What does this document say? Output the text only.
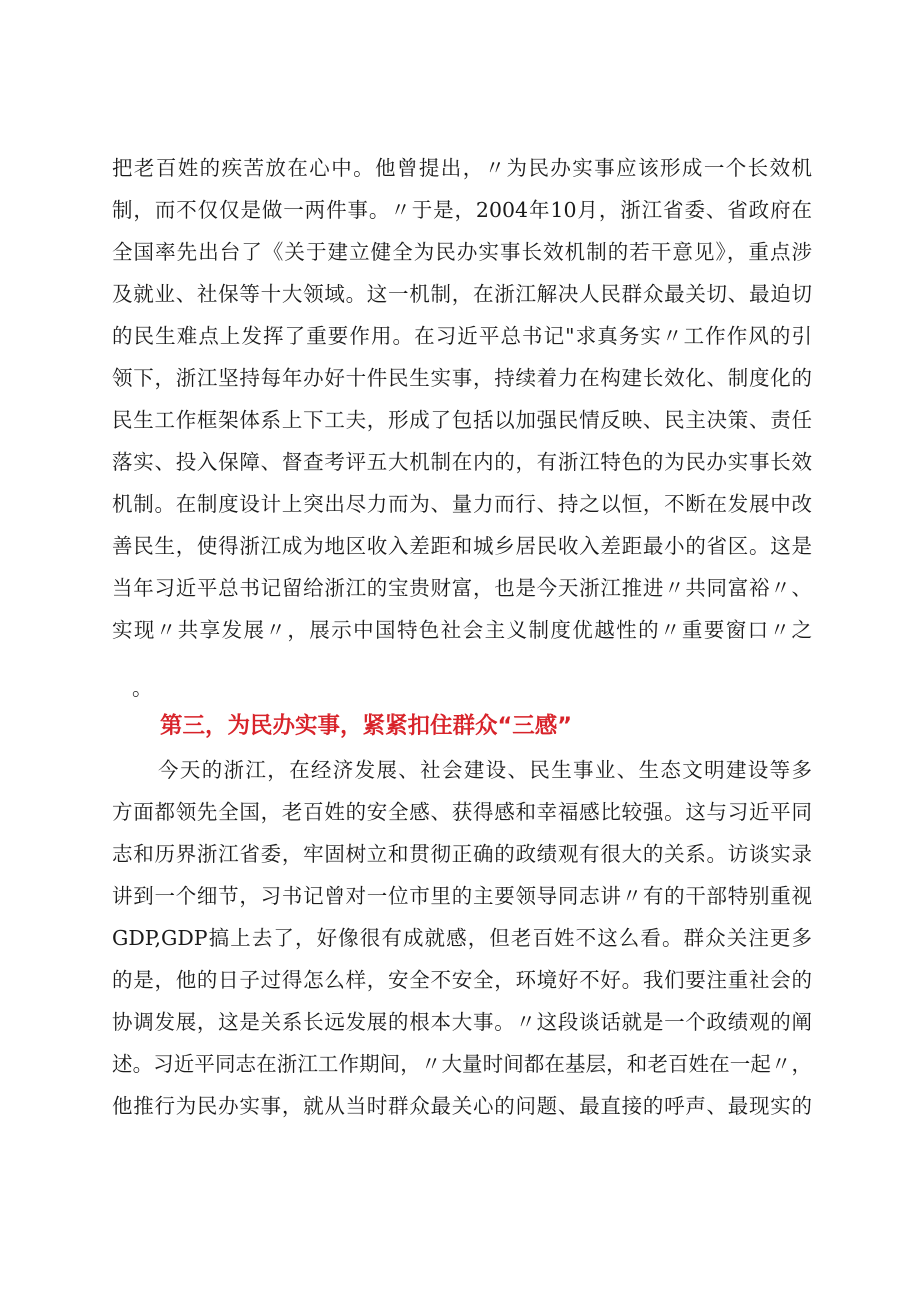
把老百姓的疾苦放在心中。他曾提出，〃为民办实事应该形成一个长效机
制，而不仅仅是做一两件事。〃于是，2004年10月，浙江省委、省政府在
全国率先出台了《关于建立健全为民办实事长效机制的若干意见》，重点涉
及就业、社保等十大领域。这一机制，在浙江解决人民群众最关切、最迫切
的民生难点上发挥了重要作用。在习近平总书记"求真务实〃工作作风的引
领下，浙江坚持每年办好十件民生实事，持续着力在构建长效化、制度化的
民生工作框架体系上下工夫，形成了包括以加强民情反映、民主决策、责任
落实、投入保障、督查考评五大机制在内的，有浙江特色的为民办实事长效
机制。在制度设计上突出尽力而为、量力而行、持之以恒，不断在发展中改
善民生，使得浙江成为地区收入差距和城乡居民收入差距最小的省区。这是
当年习近平总书记留给浙江的宝贵财富，也是今天浙江推进〃共同富裕〃、
实现〃共享发展〃，展示中国特色社会主义制度优越性的〃重要窗口〃之
。
第三，为民办实事，紧紧扣住群众“三感”
今天的浙江，在经济发展、社会建设、民生事业、生态文明建设等多
方面都领先全国，老百姓的安全感、获得感和幸福感比较强。这与习近平同
志和历界浙江省委，牢固树立和贯彻正确的政绩观有很大的关系。访谈实录
讲到一个细节，习书记曾对一位市里的主要领导同志讲〃有的干部特别重视
GDP,GDP搞上去了，好像很有成就感，但老百姓不这么看。群众关注更多
的是，他的日子过得怎么样，安全不安全，环境好不好。我们要注重社会的
协调发展，这是关系长远发展的根本大事。〃这段谈话就是一个政绩观的阐
述。习近平同志在浙江工作期间，〃大量时间都在基层，和老百姓在一起〃，
他推行为民办实事，就从当时群众最关心的问题、最直接的呼声、最现实的
